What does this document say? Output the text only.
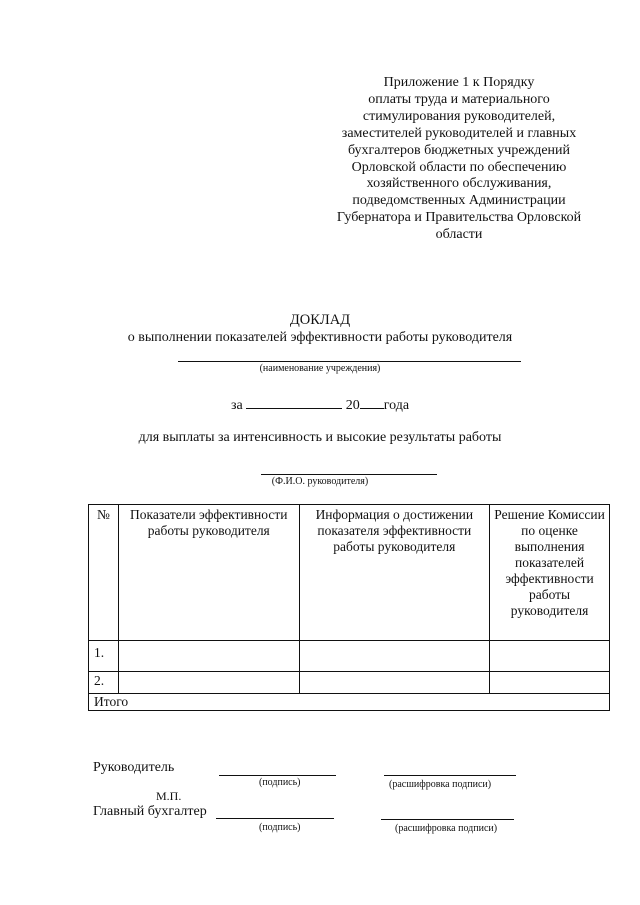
Приложение 1 к Порядку
оплаты труда и материального
стимулирования руководителей,
заместителей руководителей и главных
бухгалтеров бюджетных учреждений
Орловской области по обеспечению
хозяйственного обслуживания,
подведомственных Администрации
Губернатора и Правительства Орловской
области
ДОКЛАД
о выполнении показателей эффективности работы руководителя
(наименование учреждения)
за	20 года
для выплаты за интенсивность и высокие результаты работы
(Ф.И.О. руководителя)
№	Показатели эффективности работы руководителя	Информация о достижении показателя эффективности работы руководителя	Решение Комиссии по оценке выполнения показателей эффективности работы руководителя
1.			
2.			
Итого			
Руководитель
(подпись)	(расшифровка подписи)
М.П.
Главный бухгалтер
(подпись)	(расшифровка подписи)
